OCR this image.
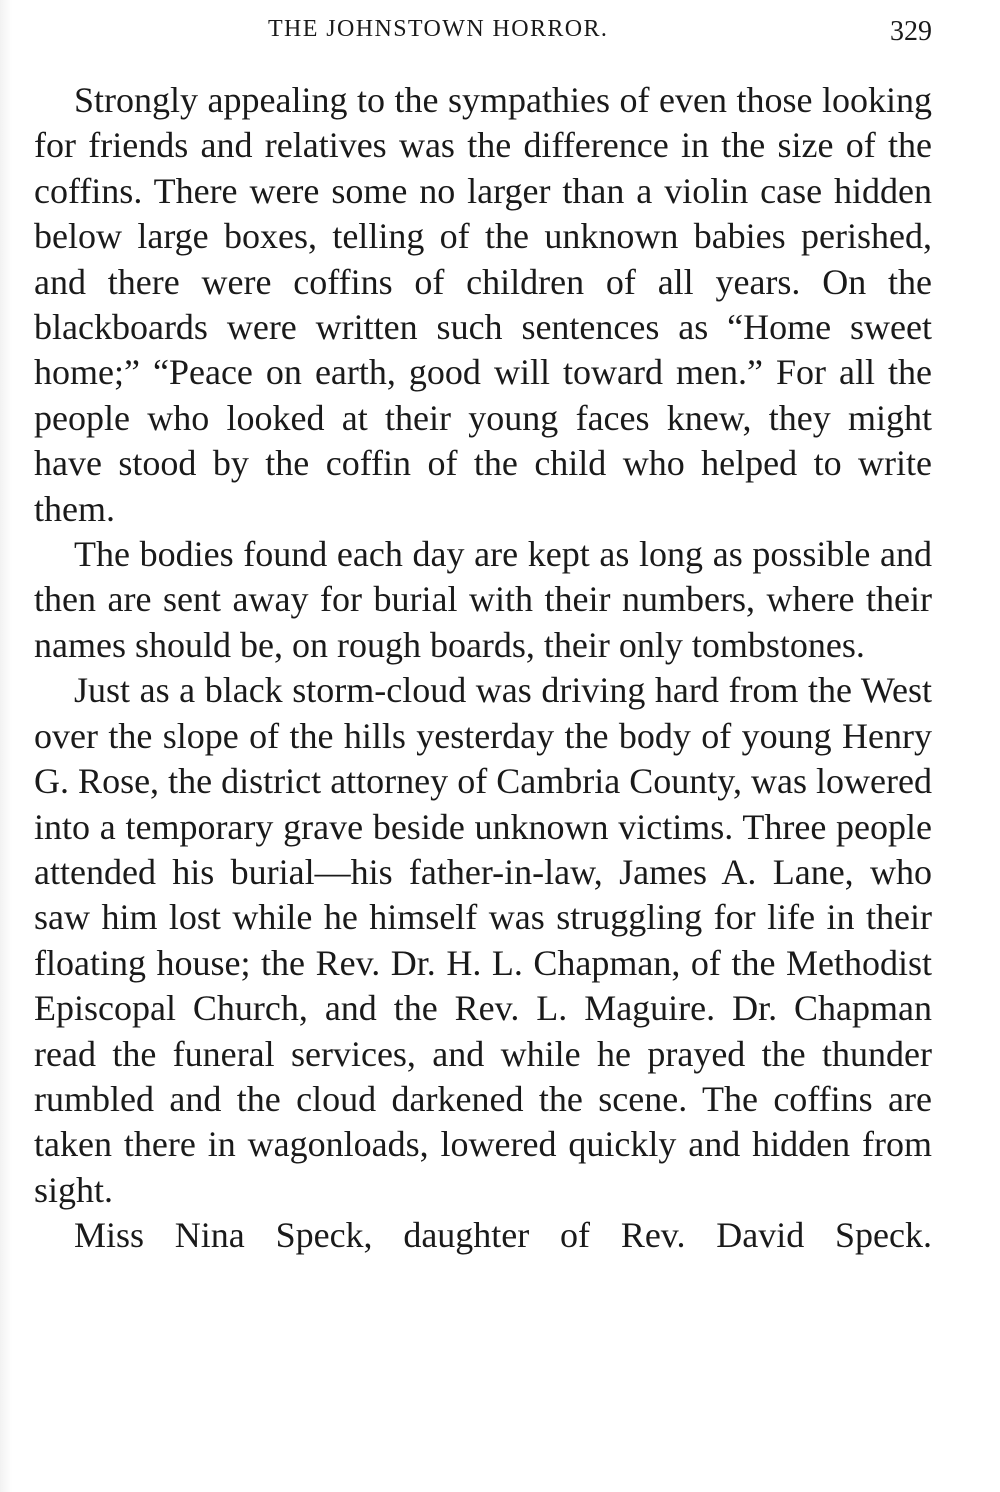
THE JOHNSTOWN HORROR.	329

Strongly appealing to the sympathies of even those looking for friends and relatives was the difference in the size of the coffins. There were some no larger than a violin case hidden below large boxes, telling of the unknown babies perished, and there were coffins of children of all years. On the blackboards were written such sentences as “Home sweet home;” “Peace on earth, good will toward men.” For all the people who looked at their young faces knew, they might have stood by the coffin of the child who helped to write them.

The bodies found each day are kept as long as possible and then are sent away for burial with their numbers, where their names should be, on rough boards, their only tombstones.

Just as a black storm-cloud was driving hard from the West over the slope of the hills yesterday the body of young Henry G. Rose, the district attorney of Cambria County, was lowered into a temporary grave beside unknown victims. Three people attended his burial—his father-in-law, James A. Lane, who saw him lost while he himself was struggling for life in their floating house; the Rev. Dr. H. L. Chapman, of the Methodist Episcopal Church, and the Rev. L. Maguire. Dr. Chapman read the funeral services, and while he prayed the thunder rumbled and the cloud darkened the scene. The coffins are taken there in wagonloads, lowered quickly and hidden from sight.

Miss Nina Speck, daughter of Rev. David Speck.
